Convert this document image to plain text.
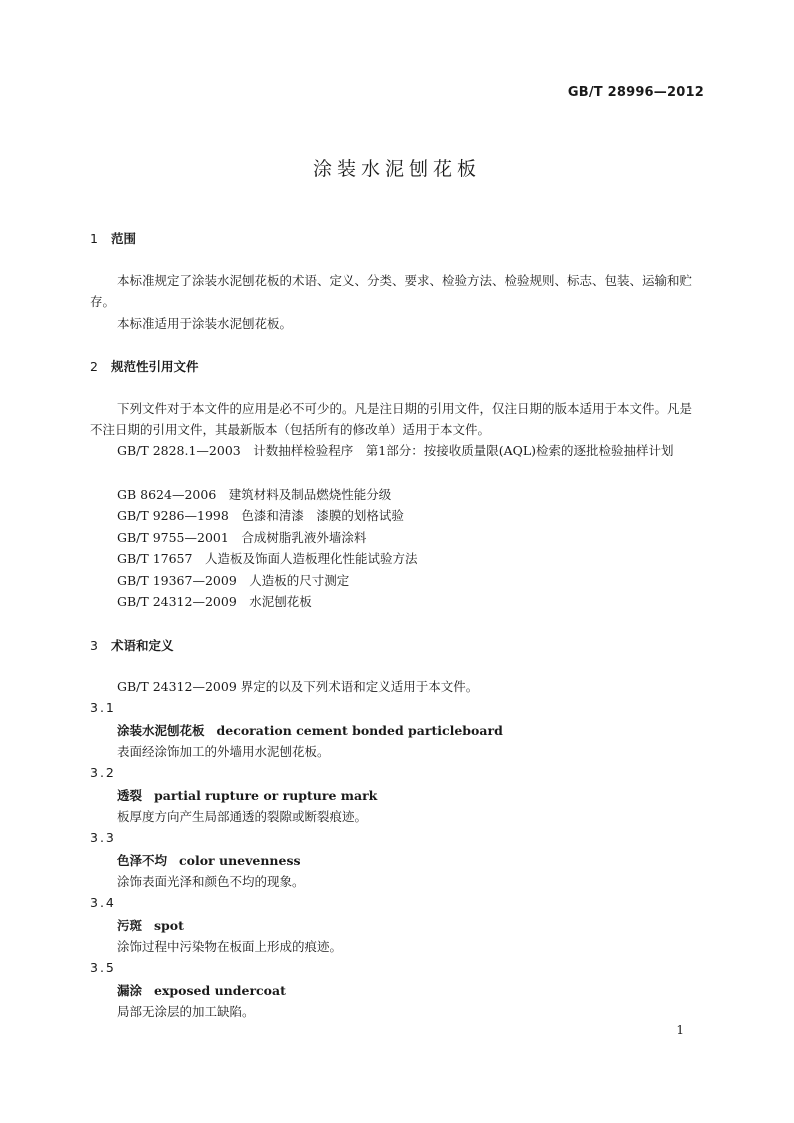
GB/T 28996—2012
涂装水泥刨花板
1 范围
本标准规定了涂装水泥刨花板的术语、定义、分类、要求、检验方法、检验规则、标志、包装、运输和贮存。
本标准适用于涂装水泥刨花板。
2 规范性引用文件
下列文件对于本文件的应用是必不可少的。凡是注日期的引用文件，仅注日期的版本适用于本文件。凡是不注日期的引用文件，其最新版本（包括所有的修改单）适用于本文件。
GB/T 2828.1—2003　计数抽样检验程序　第1部分：按接收质量限(AQL)检索的逐批检验抽样计划
GB 8624—2006　建筑材料及制品燃烧性能分级
GB/T 9286—1998　色漆和清漆　漆膜的划格试验
GB/T 9755—2001　合成树脂乳液外墙涂料
GB/T 17657　人造板及饰面人造板理化性能试验方法
GB/T 19367—2009　人造板的尺寸测定
GB/T 24312—2009　水泥刨花板
3 术语和定义
GB/T 24312—2009 界定的以及下列术语和定义适用于本文件。
3.1
涂装水泥刨花板 decoration cement bonded particleboard
表面经涂饰加工的外墙用水泥刨花板。
3.2
透裂 partial rupture or rupture mark
板厚度方向产生局部通透的裂隙或断裂痕迹。
3.3
色泽不均 color unevenness
涂饰表面光泽和颜色不均的现象。
3.4
污斑 spot
涂饰过程中污染物在板面上形成的痕迹。
3.5
漏涂 exposed undercoat
局部无涂层的加工缺陷。
1
